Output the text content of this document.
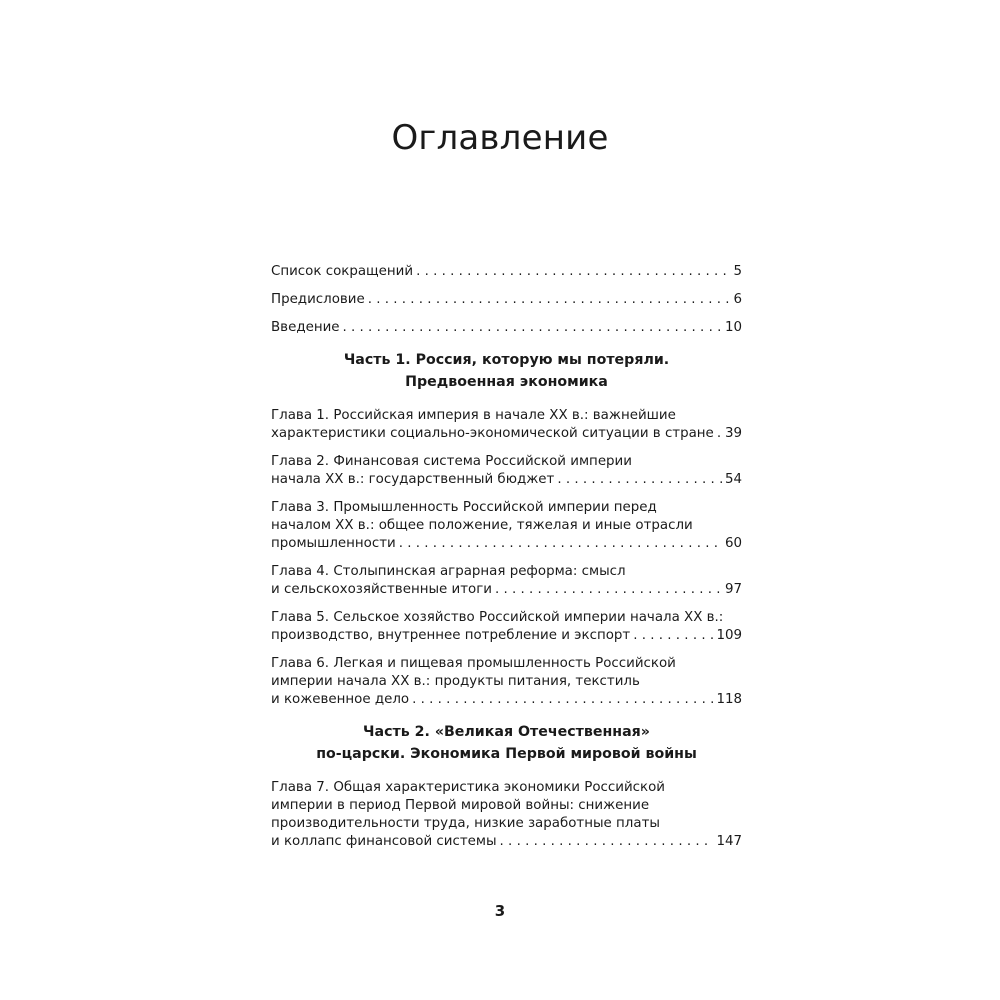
Оглавление
Список сокращений . . .	5
Предисловие . . .	6
Введение . . .	10
Часть 1. Россия, которую мы потеряли.
Предвоенная экономика
Глава 1. Российская империя в начале XX в.: важнейшие
характеристики социально-экономической ситуации в стране . . . 39
Глава 2. Финансовая система Российской империи
начала XX в.: государственный бюджет . . .	54
Глава 3. Промышленность Российской империи перед
началом XX в.: общее положение, тяжелая и иные отрасли
промышленности . . .	60
Глава 4. Столыпинская аграрная реформа: смысл
и сельскохозяйственные итоги . . .	97
Глава 5. Сельское хозяйство Российской империи начала XX в.:
производство, внутреннее потребление и экспорт . . .	109
Глава 6. Легкая и пищевая промышленность Российской
империи начала XX в.: продукты питания, текстиль
и кожевенное дело . . .	118
Часть 2. «Великая Отечественная»
по-царски. Экономика Первой мировой войны
Глава 7. Общая характеристика экономики Российской
империи в период Первой мировой войны: снижение
производительности труда, низкие заработные платы
и коллапс финансовой системы . . .	147
3
